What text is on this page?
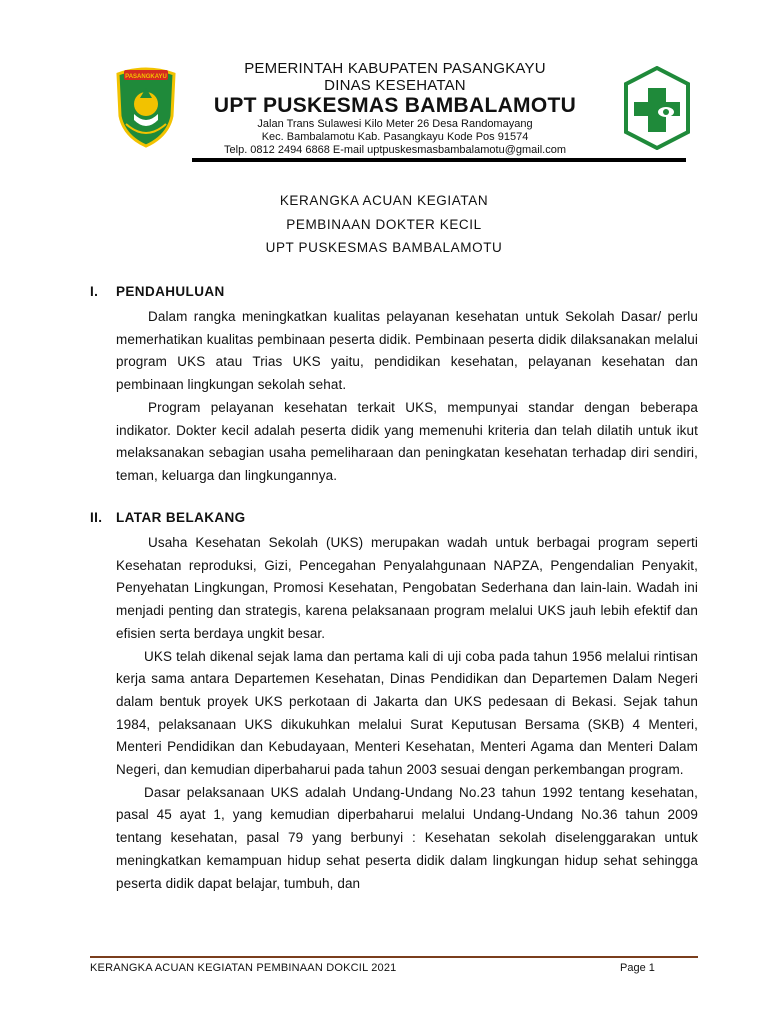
PASANGKAYU	PEMERINTAH KABUPATEN PASANGKAYU
DINAS KESEHATAN
UPT PUSKESMAS BAMBALAMOTU
Jalan Trans Sulawesi Kilo Meter 26 Desa Randomayang
Kec. Bambalamotu Kab. Pasangkayu Kode Pos 91574
Telp. 0812 2494 6868 E-mail uptpuskesmasbambalamotu@gmail.com
KERANGKA ACUAN KEGIATAN
PEMBINAAN DOKTER KECIL
UPT PUSKESMAS BAMBALAMOTU
I.	PENDAHULUAN

Dalam rangka meningkatkan kualitas pelayanan kesehatan untuk Sekolah Dasar/ perlu memerhatikan kualitas pembinaan peserta didik. Pembinaan peserta didik dilaksanakan melalui program UKS atau Trias UKS yaitu, pendidikan kesehatan, pelayanan kesehatan dan pembinaan lingkungan sekolah sehat.

Program pelayanan kesehatan terkait UKS, mempunyai standar dengan beberapa indikator. Dokter kecil adalah peserta didik yang memenuhi kriteria dan telah dilatih untuk ikut melaksanakan sebagian usaha pemeliharaan dan peningkatan kesehatan terhadap diri sendiri, teman, keluarga dan lingkungannya.

II.	LATAR BELAKANG

Usaha Kesehatan Sekolah (UKS) merupakan wadah untuk berbagai program seperti Kesehatan reproduksi, Gizi, Pencegahan Penyalahgunaan NAPZA, Pengendalian Penyakit, Penyehatan Lingkungan, Promosi Kesehatan, Pengobatan Sederhana dan lain-lain. Wadah ini menjadi penting dan strategis, karena pelaksanaan program melalui UKS jauh lebih efektif dan efisien serta berdaya ungkit besar.

UKS telah dikenal sejak lama dan pertama kali di uji coba pada tahun 1956 melalui rintisan kerja sama antara Departemen Kesehatan, Dinas Pendidikan dan Departemen Dalam Negeri dalam bentuk proyek UKS perkotaan di Jakarta dan UKS pedesaan di Bekasi. Sejak tahun 1984, pelaksanaan UKS dikukuhkan melalui Surat Keputusan Bersama (SKB) 4 Menteri, Menteri Pendidikan dan Kebudayaan, Menteri Kesehatan, Menteri Agama dan Menteri Dalam Negeri, dan kemudian diperbaharui pada tahun 2003 sesuai dengan perkembangan program.

Dasar pelaksanaan UKS adalah Undang-Undang No.23 tahun 1992 tentang kesehatan, pasal 45 ayat 1, yang kemudian diperbaharui melalui Undang-Undang No.36 tahun 2009 tentang kesehatan, pasal 79 yang berbunyi : Kesehatan sekolah diselenggarakan untuk meningkatkan kemampuan hidup sehat peserta didik dalam lingkungan hidup sehat sehingga peserta didik dapat belajar, tumbuh, dan

KERANGKA ACUAN KEGIATAN PEMBINAAN DOKCIL 2021	Page 1
